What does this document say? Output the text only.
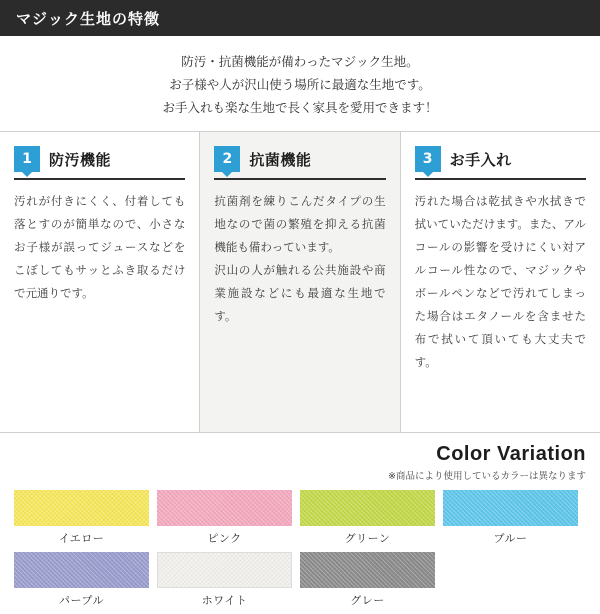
マジック生地の特徴

防汚・抗菌機能が備わったマジック生地。

お子様や人が沢山使う場所に最適な生地です。

お手入れも楽な生地で長く家具を愛用できます！

1	防汚機能

汚れが付きにくく、付着しても落とすのが簡単なので、小さなお子様が誤ってジュースなどをこぼしてもサッとふき取るだけで元通りです。

2	抗菌機能

抗菌剤を練りこんだタイプの生地なので菌の繁殖を抑える抗菌機能も備わっています。

沢山の人が触れる公共施設や商業施設などにも最適な生地です。

3	お手入れ

汚れた場合は乾拭きや水拭きで拭いていただけます。また、アルコールの影響を受けにくい対アルコール性なので、マジックやボールペンなどで汚れてしまった場合はエタノールを含ませた布で拭いて頂いても大丈夫です。

Color Variation
※商品により使用しているカラーは異なります
イエロー	ピンク	グリーン	ブルー
パープル	ホワイト	グレー
